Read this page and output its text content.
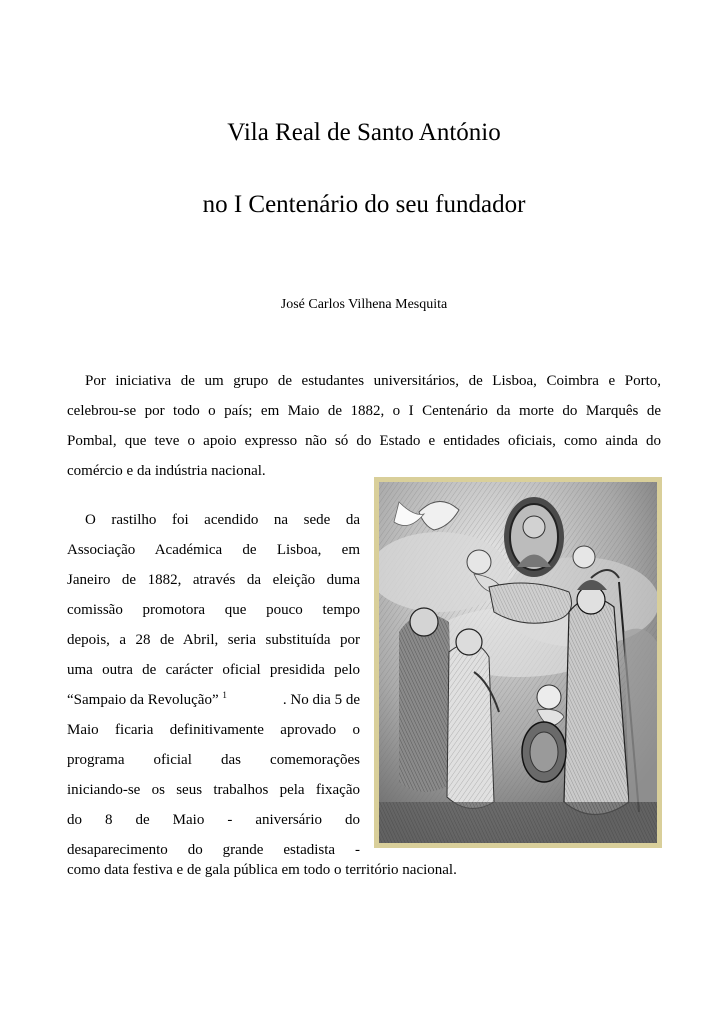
Vila Real de Santo António
no I Centenário do seu fundador
José Carlos Vilhena Mesquita
Por iniciativa de um grupo de estudantes universitários, de Lisboa, Coimbra e Porto,
celebrou-se por todo o país; em Maio de 1882, o I Centenário da morte do Marquês de
Pombal, que teve o apoio expresso não só do Estado e entidades oficiais, como ainda do
comércio e da indústria nacional.
O rastilho foi acendido na sede da
Associação Académica de Lisboa, em
Janeiro de 1882, através da eleição duma
comissão promotora que pouco tempo
depois, a 28 de Abril, seria substituída por
uma outra de carácter oficial presidida pelo
“Sampaio da Revolução” $^1$	. No dia 5 de
Maio ficaria definitivamente aprovado o
programa oficial das comemorações
iniciando-se os seus trabalhos pela fixação
do 8 de Maio - aniversário do
desaparecimento do grande estadista -
como data festiva e de gala pública em todo o território nacional.
